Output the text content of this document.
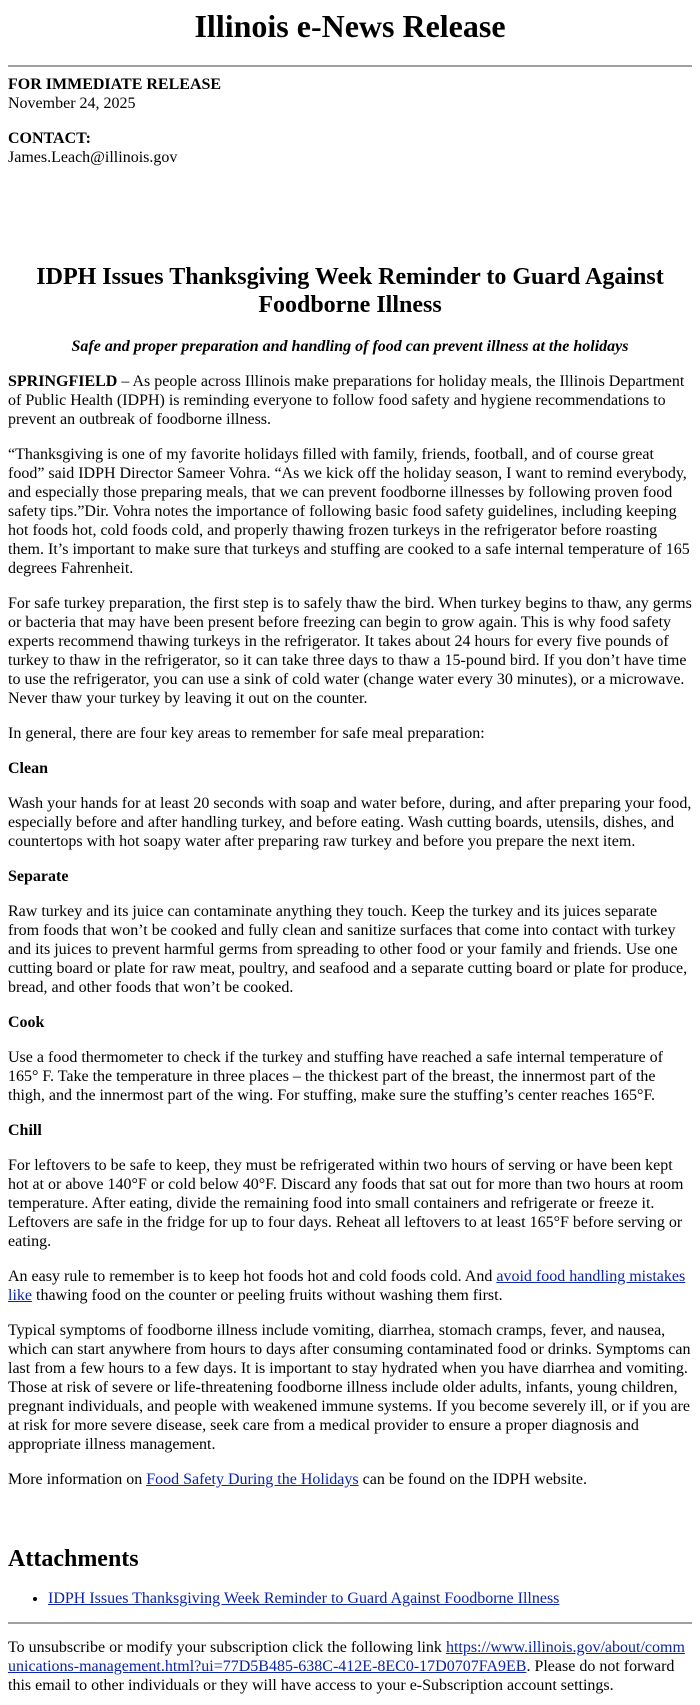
Illinois e-News Release

FOR IMMEDIATE RELEASE
November 24, 2025

CONTACT:
James.Leach@illinois.gov

IDPH Issues Thanksgiving Week Reminder to Guard Against Foodborne Illness

Safe and proper preparation and handling of food can prevent illness at the holidays

SPRINGFIELD – As people across Illinois make preparations for holiday meals, the Illinois Department of Public Health (IDPH) is reminding everyone to follow food safety and hygiene recommendations to prevent an outbreak of foodborne illness.

“Thanksgiving is one of my favorite holidays filled with family, friends, football, and of course great food” said IDPH Director Sameer Vohra. “As we kick off the holiday season, I want to remind everybody, and especially those preparing meals, that we can prevent foodborne illnesses by following proven food safety tips.”Dir. Vohra notes the importance of following basic food safety guidelines, including keeping hot foods hot, cold foods cold, and properly thawing frozen turkeys in the refrigerator before roasting them. It’s important to make sure that turkeys and stuffing are cooked to a safe internal temperature of 165 degrees Fahrenheit.

For safe turkey preparation, the first step is to safely thaw the bird. When turkey begins to thaw, any germs or bacteria that may have been present before freezing can begin to grow again. This is why food safety experts recommend thawing turkeys in the refrigerator. It takes about 24 hours for every five pounds of turkey to thaw in the refrigerator, so it can take three days to thaw a 15-pound bird. If you don’t have time to use the refrigerator, you can use a sink of cold water (change water every 30 minutes), or a microwave. Never thaw your turkey by leaving it out on the counter.

In general, there are four key areas to remember for safe meal preparation:

Clean

Wash your hands for at least 20 seconds with soap and water before, during, and after preparing your food, especially before and after handling turkey, and before eating. Wash cutting boards, utensils, dishes, and countertops with hot soapy water after preparing raw turkey and before you prepare the next item.

Separate

Raw turkey and its juice can contaminate anything they touch. Keep the turkey and its juices separate from foods that won’t be cooked and fully clean and sanitize surfaces that come into contact with turkey and its juices to prevent harmful germs from spreading to other food or your family and friends. Use one cutting board or plate for raw meat, poultry, and seafood and a separate cutting board or plate for produce, bread, and other foods that won’t be cooked.

Cook

Use a food thermometer to check if the turkey and stuffing have reached a safe internal temperature of 165° F. Take the temperature in three places – the thickest part of the breast, the innermost part of the thigh, and the innermost part of the wing. For stuffing, make sure the stuffing’s center reaches 165°F.

Chill

For leftovers to be safe to keep, they must be refrigerated within two hours of serving or have been kept hot at or above 140°F or cold below 40°F. Discard any foods that sat out for more than two hours at room temperature. After eating, divide the remaining food into small containers and refrigerate or freeze it. Leftovers are safe in the fridge for up to four days. Reheat all leftovers to at least 165°F before serving or eating.

An easy rule to remember is to keep hot foods hot and cold foods cold. And avoid food handling mistakes like thawing food on the counter or peeling fruits without washing them first.

Typical symptoms of foodborne illness include vomiting, diarrhea, stomach cramps, fever, and nausea, which can start anywhere from hours to days after consuming contaminated food or drinks. Symptoms can last from a few hours to a few days. It is important to stay hydrated when you have diarrhea and vomiting. Those at risk of severe or life-threatening foodborne illness include older adults, infants, young children, pregnant individuals, and people with weakened immune systems. If you become severely ill, or if you are at risk for more severe disease, seek care from a medical provider to ensure a proper diagnosis and appropriate illness management.

More information on Food Safety During the Holidays can be found on the IDPH website.

Attachments
• IDPH Issues Thanksgiving Week Reminder to Guard Against Foodborne Illness

To unsubscribe or modify your subscription click the following link https://www.illinois.gov/about/communications-management.html?ui=77D5B485-638C-412E-8EC0-17D0707FA9EB. Please do not forward this email to other individuals or they will have access to your e-Subscription account settings.
